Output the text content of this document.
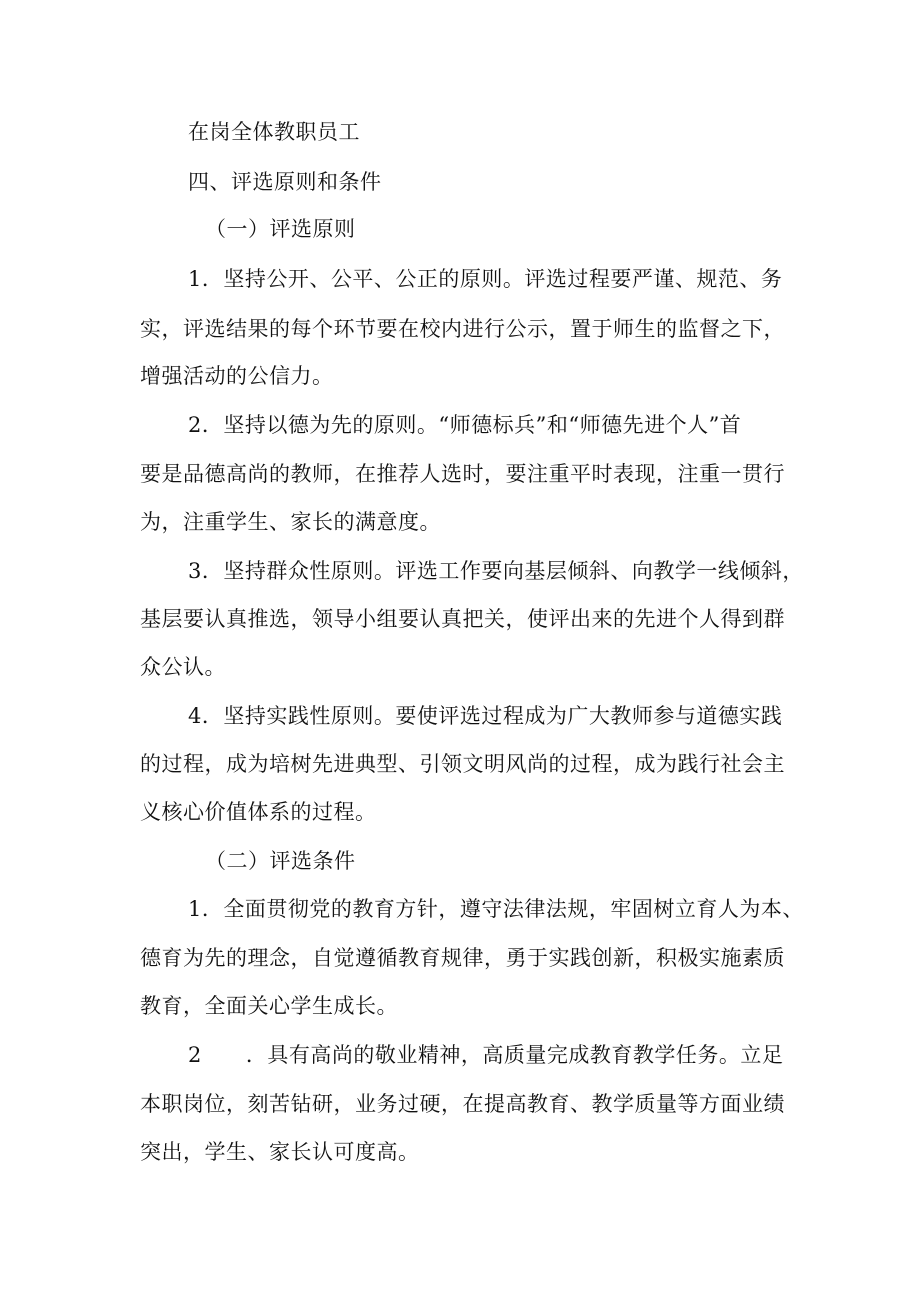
在岗全体教职员工
四、评选原则和条件
（一）评选原则
1．坚持公开、公平、公正的原则。评选过程要严谨、规范、务
实，评选结果的每个环节要在校内进行公示，置于师生的监督之下，
增强活动的公信力。
2．坚持以德为先的原则。“师德标兵”和“师德先进个人”首
要是品德高尚的教师，在推荐人选时，要注重平时表现，注重一贯行
为，注重学生、家长的满意度。
3．坚持群众性原则。评选工作要向基层倾斜、向教学一线倾斜，
基层要认真推选，领导小组要认真把关，使评出来的先进个人得到群
众公认。
4．坚持实践性原则。要使评选过程成为广大教师参与道德实践
的过程，成为培树先进典型、引领文明风尚的过程，成为践行社会主
义核心价值体系的过程。
（二）评选条件
1．全面贯彻党的教育方针，遵守法律法规，牢固树立育人为本、
德育为先的理念，自觉遵循教育规律，勇于实践创新，积极实施素质
教育，全面关心学生成长。
2 ．具有高尚的敬业精神，高质量完成教育教学任务。立足
本职岗位，刻苦钻研，业务过硬，在提高教育、教学质量等方面业绩
突出，学生、家长认可度高。
